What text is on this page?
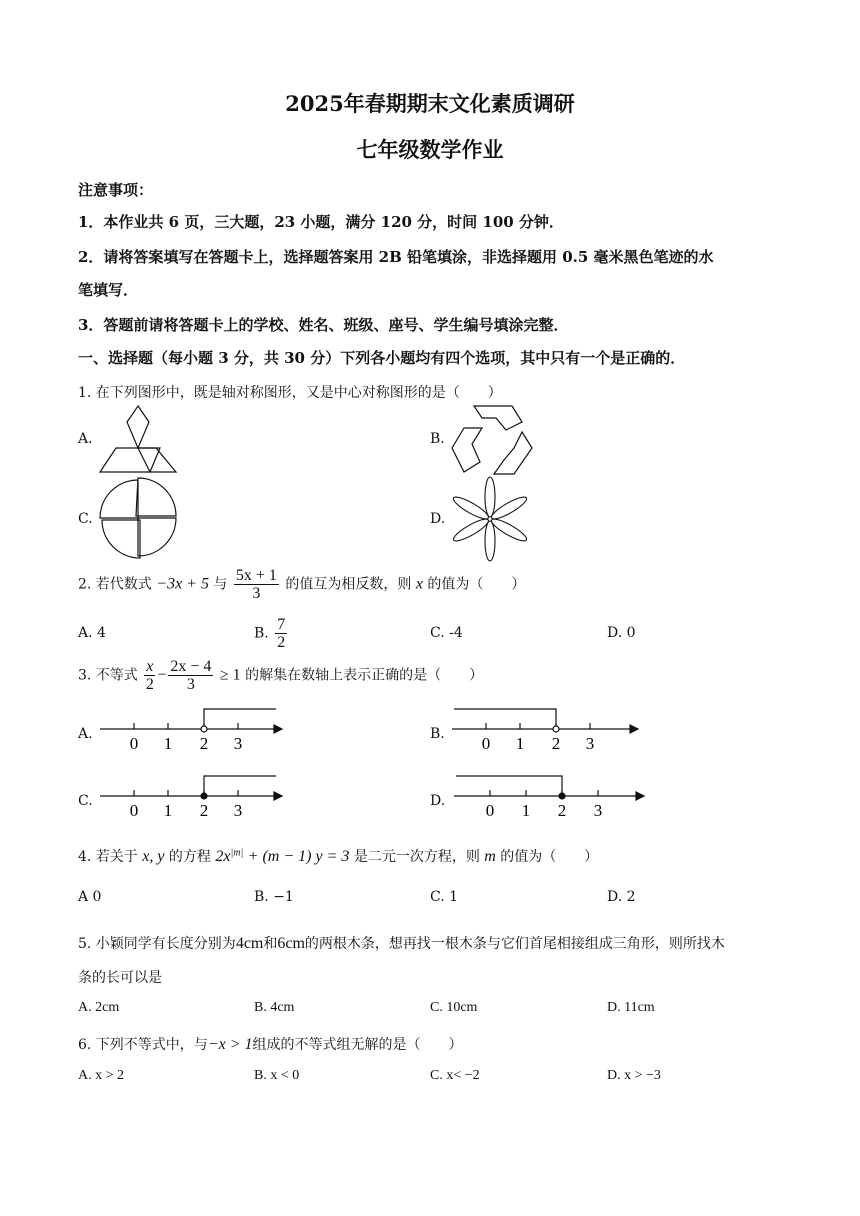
2025年春期期末文化素质调研
七年级数学作业
注意事项：
1．本作业共 6 页，三大题，23 小题，满分 120 分，时间 100 分钟．
2．请将答案填写在答题卡上，选择题答案用 2B 铅笔填涂，非选择题用 0.5 毫米黑色笔迹的水
笔填写．
3．答题前请将答题卡上的学校、姓名、班级、座号、学生编号填涂完整．
一、选择题（每小题 3 分，共 30 分）下列各小题均有四个选项，其中只有一个是正确的．
1. 在下列图形中，既是轴对称图形，又是中心对称图形的是（　　）
A.	B.
C.	D.
2. 若代数式 −3x + 5 与 $\frac{5x + 1}{3}$ 的值互为相反数，则 x 的值为（　　）
A. 4	B. $\frac{7}{2}$	C. -4	D. 0
3. 不等式 $\frac{x}{2} - \frac{2x - 4}{3} \ge 1$ 的解集在数轴上表示正确的是（　　）
A.	B.
C.	D.
0 1 2 3	0 1 2 3
0 1 2 3	0 1 2 3
4. 若关于 x, y 的方程 $2x^{|m|} + (m - 1) y = 3$ 是二元一次方程，则 m 的值为（　　）
A 0	B. −1	C. 1	D. 2
5. 小颖同学有长度分别为4cm和6cm的两根木条，想再找一根木条与它们首尾相接组成三角形，则所找木
条的长可以是
A. 2cm	B. 4cm	C. 10cm	D. 11cm
6. 下列不等式中，与−x > 1组成的不等式组无解的是（　　）
A. x > 2	B. x < 0	C. x< −2	D. x > −3
